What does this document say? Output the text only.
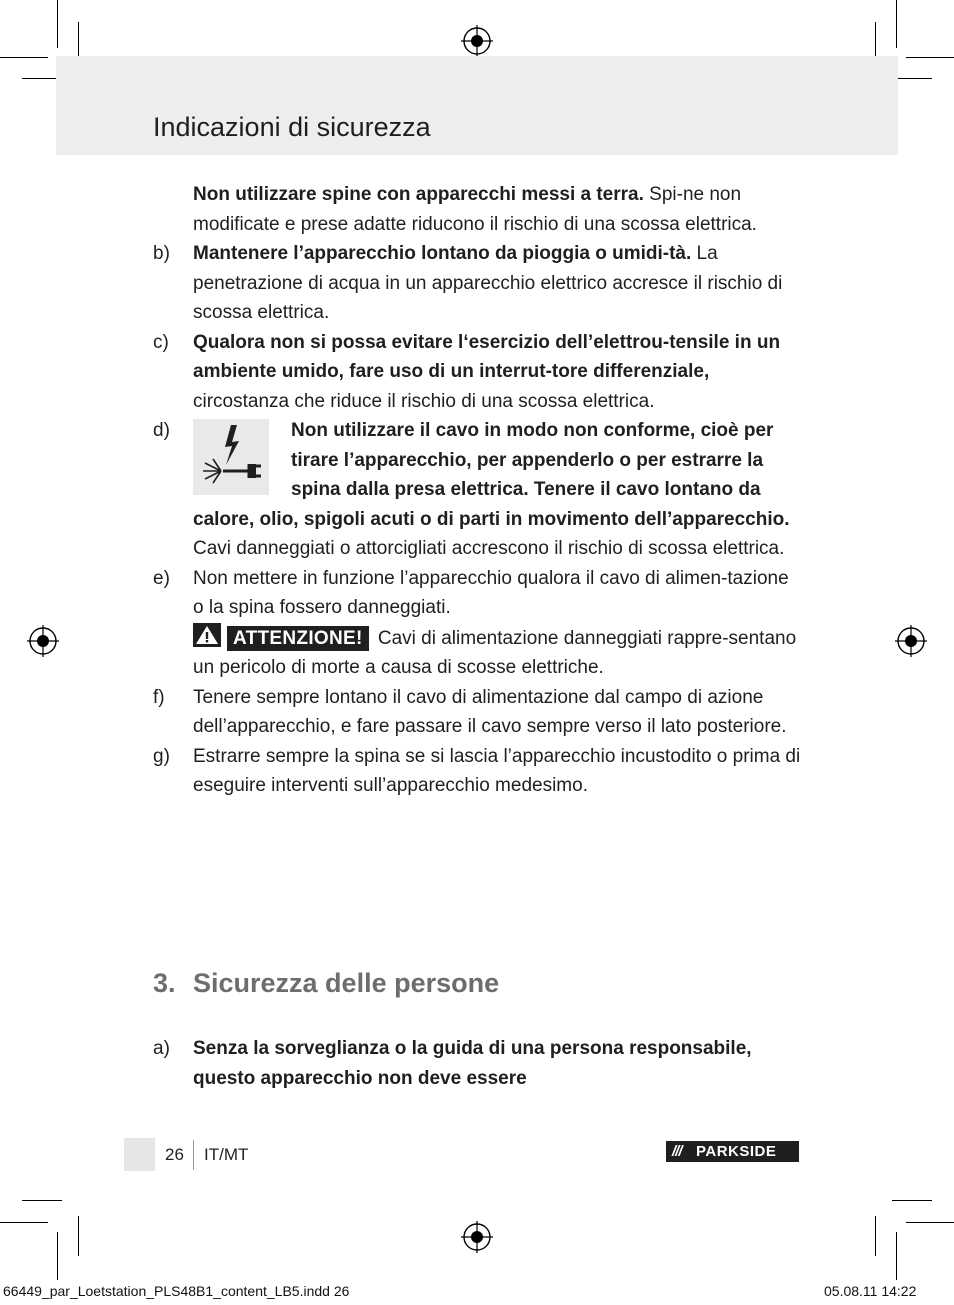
Indicazioni di sicurezza
Non utilizzare spine con apparecchi messi a terra. Spi-ne non modificate e prese adatte riducono il rischio di una scossa elettrica.
b) Mantenere l’apparecchio lontano da pioggia o umidi-tà. La penetrazione di acqua in un apparecchio elettrico accresce il rischio di scossa elettrica.
c) Qualora non si possa evitare l‘esercizio dell’elettrou-tensile in un ambiente umido, fare uso di un interrut-tore differenziale, circostanza che riduce il rischio di una scossa elettrica.
d)	Non utilizzare il cavo in modo non conforme, cioè per tirare l’apparecchio, per appenderlo o per estrarre la spina dalla presa elettrica. Tenere il cavo lontano da calore, olio, spigoli acuti o di parti in movimento dell’apparecchio. Cavi danneggiati o attorcigliati accrescono il rischio di scossa elettrica.
e) Non mettere in funzione l’apparecchio qualora il cavo di alimen-tazione o la spina fossero danneggiati.
ATTENZIONE! Cavi di alimentazione danneggiati rappre-sentano un pericolo di morte a causa di scosse elettriche.
f) Tenere sempre lontano il cavo di alimentazione dal campo di azione dell’apparecchio, e fare passare il cavo sempre verso il lato posteriore.
g) Estrarre sempre la spina se si lascia l’apparecchio incustodito o prima di eseguire interventi sull’apparecchio medesimo.
3. Sicurezza delle persone
a) Senza la sorveglianza o la guida di una persona responsabile, questo apparecchio non deve essere
26 IT/MT	/// PARKSIDE
66449_par_Loetstation_PLS48B1_content_LB5.indd 26	05.08.11 14:22
